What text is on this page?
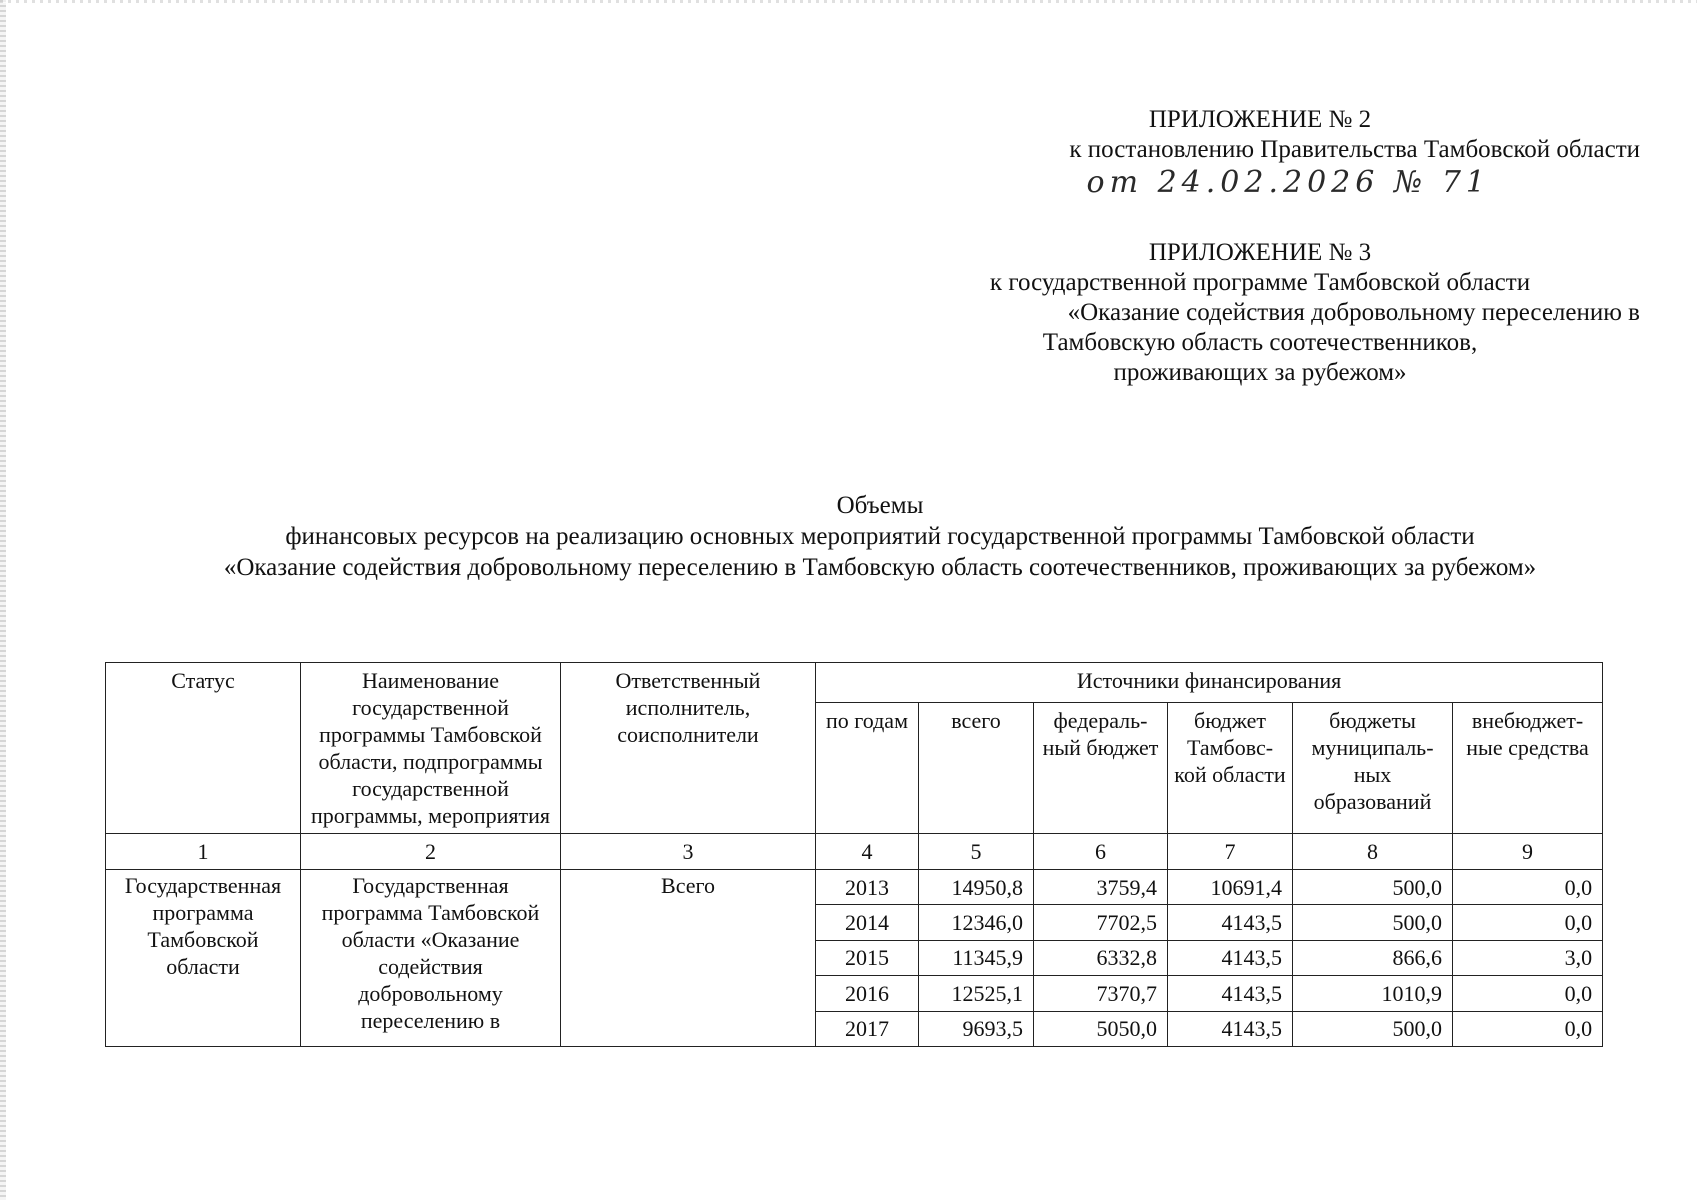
ПРИЛОЖЕНИЕ № 2

к постановлению Правительства Тамбовской области

от 24.02.2026 № 71

ПРИЛОЖЕНИЕ № 3

к государственной программе Тамбовской области

«Оказание содействия добровольному переселению в

Тамбовскую область соотечественников,

проживающих за рубежом»

Объемы

финансовых ресурсов на реализацию основных мероприятий государственной программы Тамбовской области

«Оказание содействия добровольному переселению в Тамбовскую область соотечественников, проживающих за рубежом»

Статус	Наименование государственной программы Тамбовской области, подпрограммы государственной программы, мероприятия	Ответственный исполнитель, соисполнители	Источники финансирования					
			по годам	всего	федераль-ный бюджет	бюджет Тамбовс-кой области	бюджеты муниципаль-ных образований	внебюджет-ные средства
1	2	3	4	5	6	7	8	9
Государственная программа Тамбовской области	Государственная программа Тамбовской области «Оказание содействия добровольному переселению в	Всего	2013	14950,8	3759,4	10691,4	500,0	0,0
			2014	12346,0	7702,5	4143,5	500,0	0,0
			2015	11345,9	6332,8	4143,5	866,6	3,0
			2016	12525,1	7370,7	4143,5	1010,9	0,0
			2017	9693,5	5050,0	4143,5	500,0	0,0
